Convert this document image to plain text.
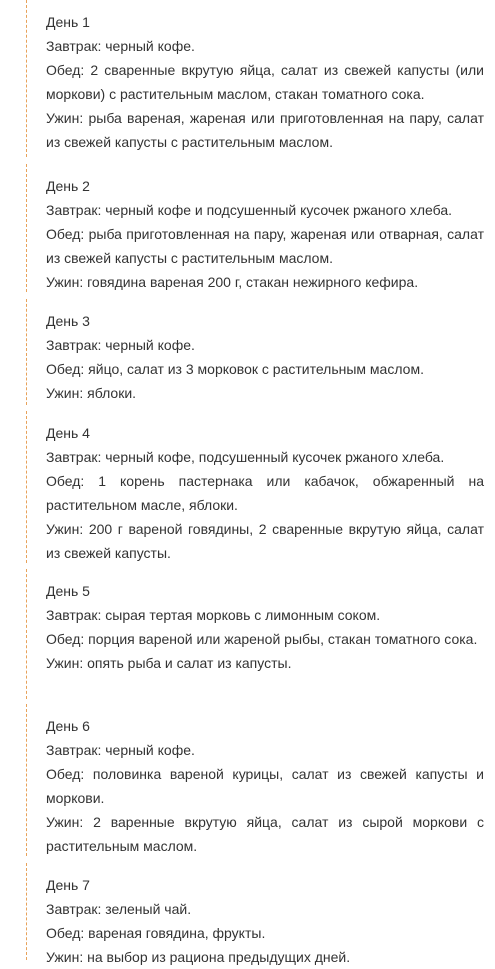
День 1

Завтрак: черный кофе.

Обед: 2 сваренные вкрутую яйца, салат из свежей капусты (или моркови) с растительным маслом, стакан томатного сока.

Ужин: рыба вареная, жареная или приготовленная на пару, салат из свежей капусты с растительным маслом.

День 2

Завтрак: черный кофе и подсушенный кусочек ржаного хлеба.

Обед: рыба приготовленная на пару, жареная или отварная, салат из свежей капусты с растительным маслом.

Ужин: говядина вареная 200 г, стакан нежирного кефира.

День 3

Завтрак: черный кофе.

Обед: яйцо, салат из 3 морковок с растительным маслом.

Ужин: яблоки.

День 4

Завтрак: черный кофе, подсушенный кусочек ржаного хлеба.

Обед: 1 корень пастернака или кабачок, обжаренный на растительном масле, яблоки.

Ужин: 200 г вареной говядины, 2 сваренные вкрутую яйца, салат из свежей капусты.

День 5

Завтрак: сырая тертая морковь с лимонным соком.

Обед: порция вареной или жареной рыбы, стакан томатного сока.

Ужин: опять рыба и салат из капусты.

День 6

Завтрак: черный кофе.

Обед: половинка вареной курицы, салат из свежей капусты и моркови.

Ужин: 2 варенные вкрутую яйца, салат из сырой моркови с растительным маслом.

День 7

Завтрак: зеленый чай.

Обед: вареная говядина, фрукты.

Ужин: на выбор из рациона предыдущих дней.
